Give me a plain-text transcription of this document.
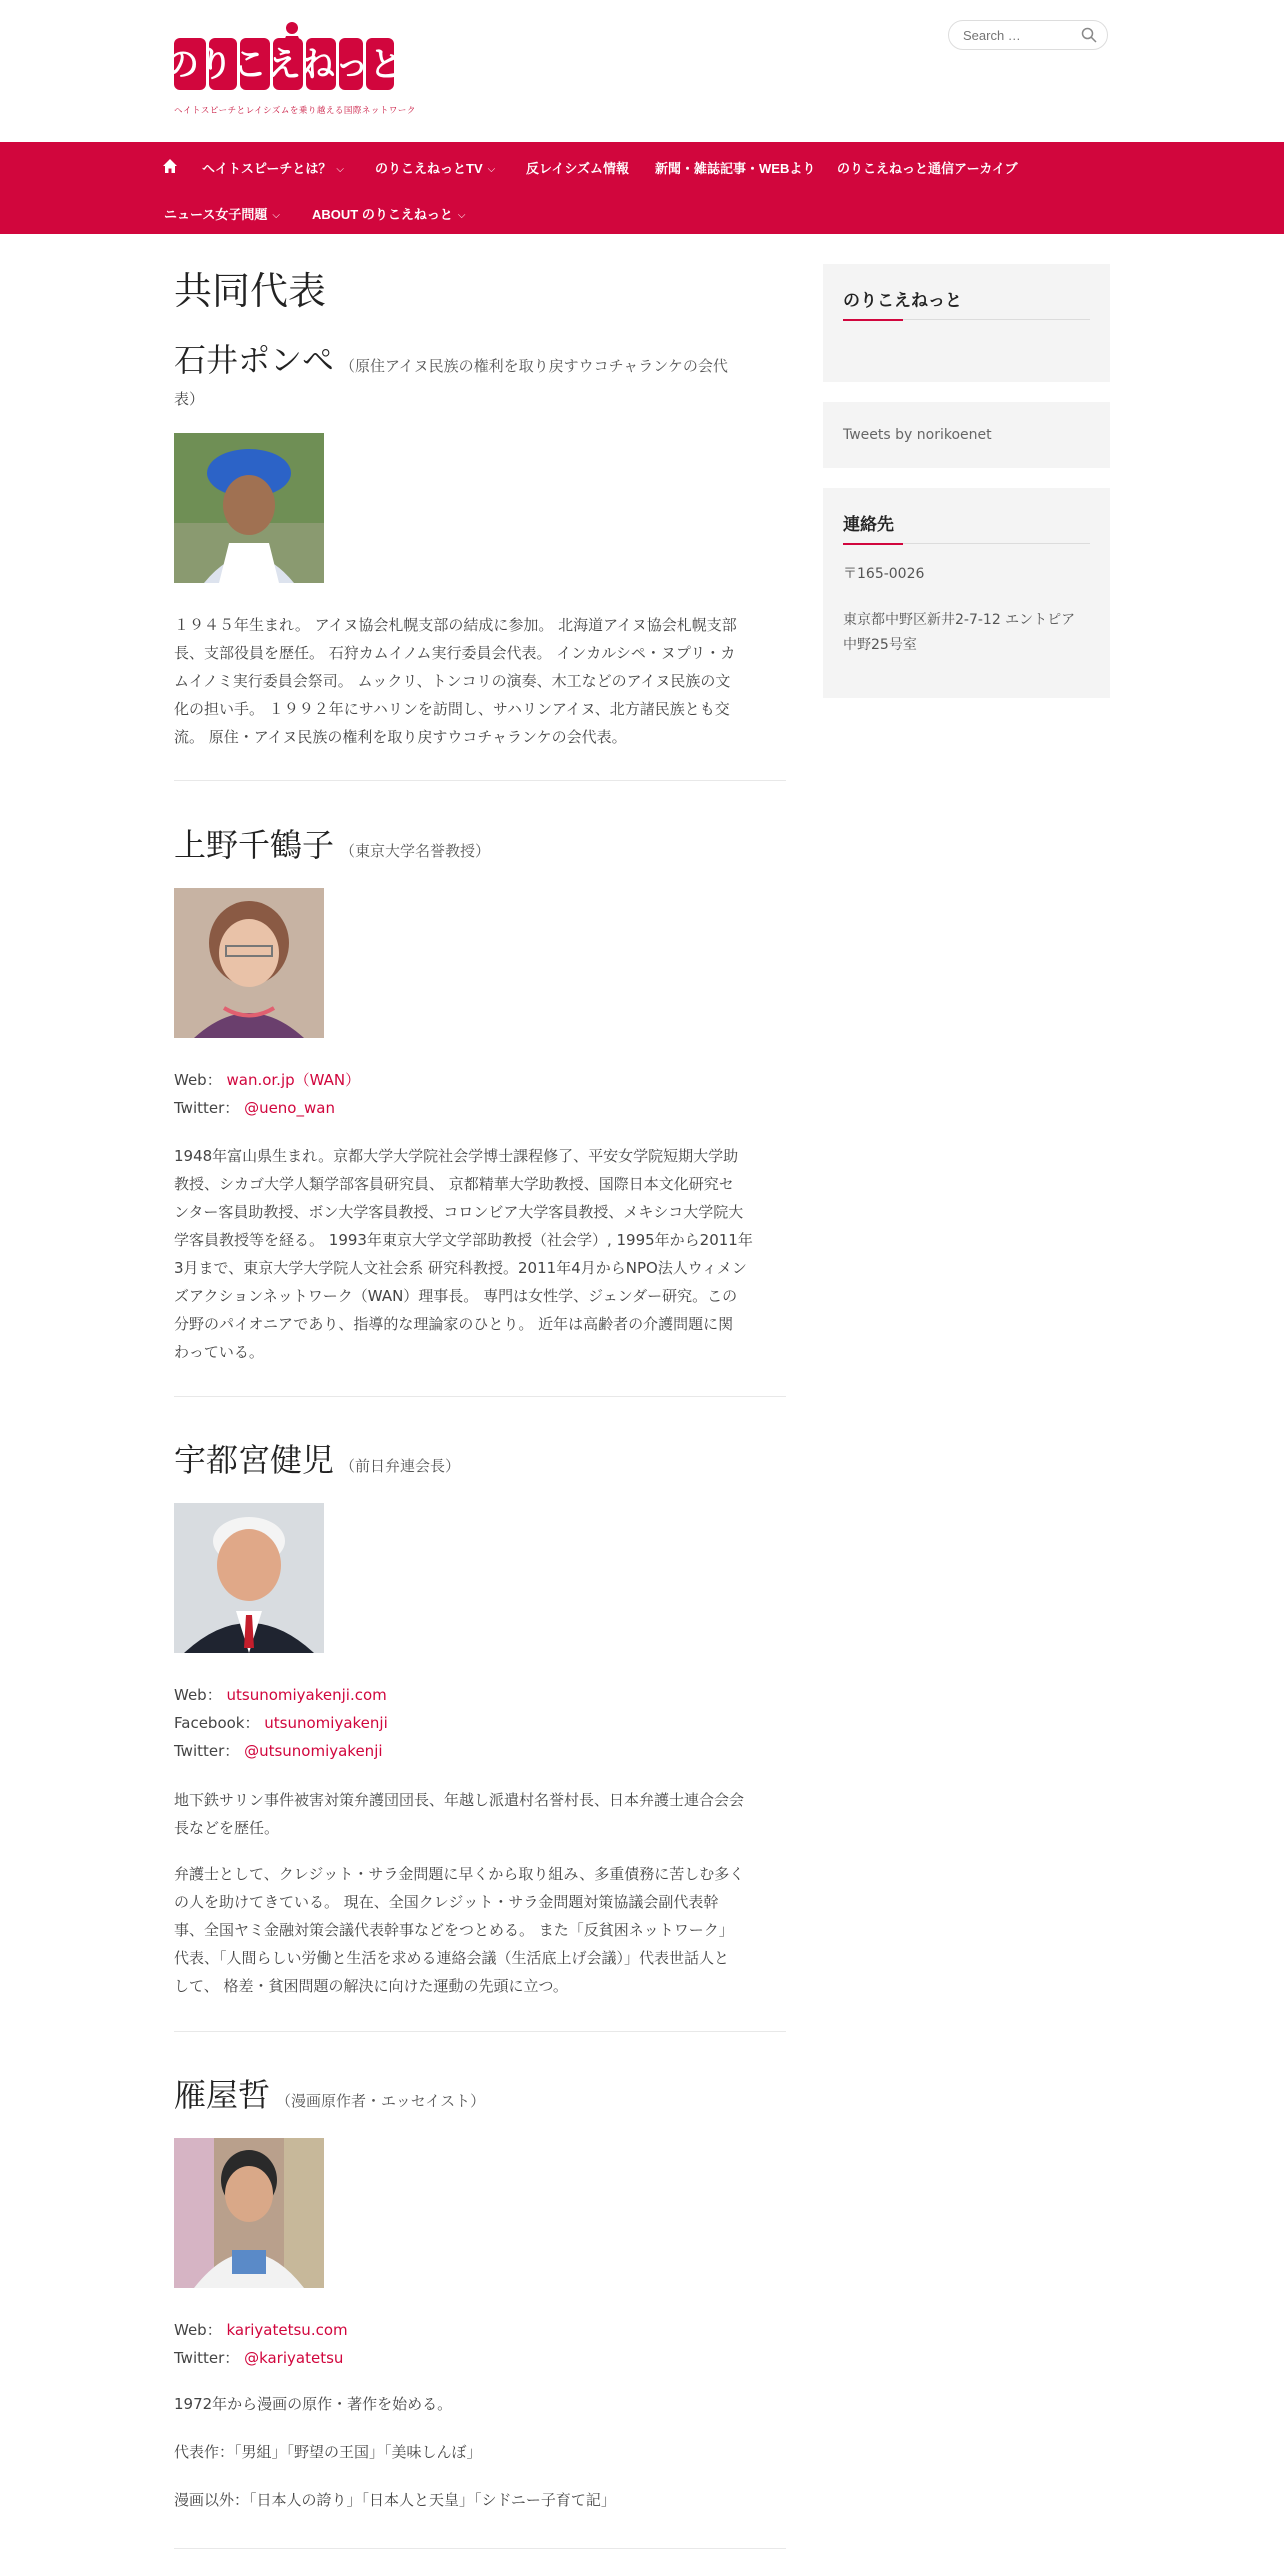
のりこえねっと
ヘイトスピーチとレイシズムを乗り越える国際ネットワーク
Search …
ヘイトスピーチとは？ ⌵ のりこえねっとTV ⌵ 反レイシズム情報 新聞・雑誌記事・WEBより のりこえねっと通信アーカイブ
ニュース女子問題 ⌵ ABOUT のりこえねっと ⌵
共同代表
石井ポンペ （原住アイヌ民族の権利を取り戻すウコチャランケの会代
表）
１９４５年生まれ。 アイヌ協会札幌支部の結成に参加。 北海道アイヌ協会札幌支部
長、支部役員を歴任。 石狩カムイノム実行委員会代表。 インカルシペ・ヌプリ・カ
ムイノミ実行委員会祭司。 ムックリ、トンコリの演奏、木工などのアイヌ民族の文
化の担い手。 １９９２年にサハリンを訪問し、サハリンアイヌ、北方諸民族とも交
流。 原住・アイヌ民族の権利を取り戻すウコチャランケの会代表。
上野千鶴子 （東京大学名誉教授）
Web： wan.or.jp（WAN）
Twitter： @ueno_wan
1948年富山県生まれ。京都大学大学院社会学博士課程修了、平安女学院短期大学助
教授、シカゴ大学人類学部客員研究員、 京都精華大学助教授、国際日本文化研究セ
ンター客員助教授、ボン大学客員教授、コロンビア大学客員教授、メキシコ大学院大
学客員教授等を経る。 1993年東京大学文学部助教授（社会学）, 1995年から2011年
3月まで、東京大学大学院人文社会系 研究科教授。2011年4月からNPO法人ウィメン
ズアクションネットワーク（WAN）理事長。 専門は女性学、ジェンダー研究。この
分野のパイオニアであり、指導的な理論家のひとり。 近年は高齢者の介護問題に関
わっている。
宇都宮健児 （前日弁連会長）
Web： utsunomiyakenji.com
Facebook： utsunomiyakenji
Twitter： @utsunomiyakenji
地下鉄サリン事件被害対策弁護団団長、年越し派遣村名誉村長、日本弁護士連合会会
長などを歴任。
弁護士として、クレジット・サラ金問題に早くから取り組み、多重債務に苦しむ多く
の人を助けてきている。 現在、全国クレジット・サラ金問題対策協議会副代表幹
事、全国ヤミ金融対策会議代表幹事などをつとめる。 また「反貧困ネットワーク」
代表、「人間らしい労働と生活を求める連絡会議（生活底上げ会議）」代表世話人と
して、 格差・貧困問題の解決に向けた運動の先頭に立つ。
雁屋哲 （漫画原作者・エッセイスト）
Web： kariyatetsu.com
Twitter： @kariyatetsu
1972年から漫画の原作・著作を始める。
代表作：「男組」「野望の王国」「美味しんぼ」
漫画以外：「日本人の誇り」「日本人と天皇」「シドニー子育て記」
のりこえねっと
Tweets by norikoenet
連絡先
〒165-0026
東京都中野区新井2-7-12 エントピア
中野25号室
